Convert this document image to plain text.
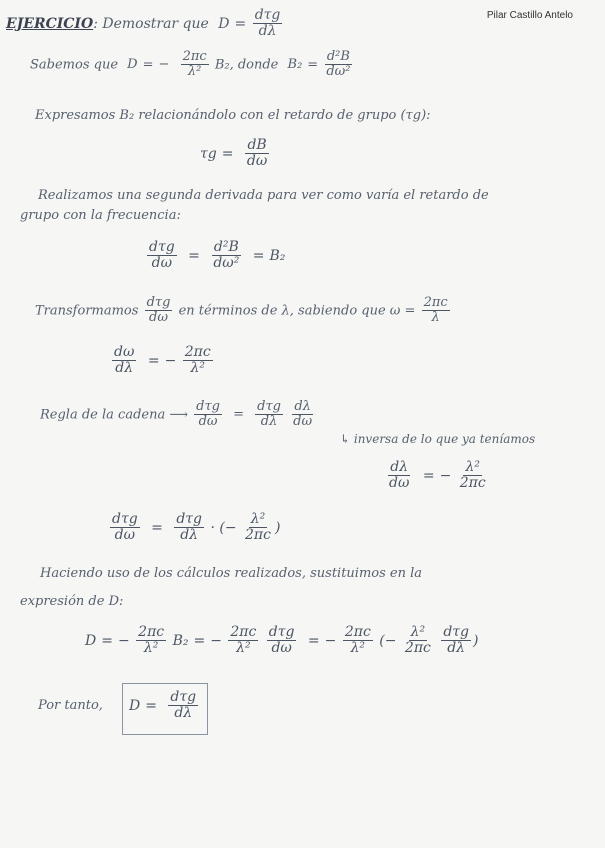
Pilar Castillo Antelo
EJERCICIO: Demostrar que $D = \frac{\text{dτg}}{d\lambda}$
Sabemos que D = − $\frac{2\pi c}{\text{λ²}} B_2$, donde $B_2 = \frac{\text{d²B}}{\text{dω²}}$
Expresamos B₂ relacionándolo con el retardo de grupo (τg):
$\tau g = \frac{dB}{d\omega}$
Realizamos una segunda derivada para ver como varía el retardo de
grupo con la frecuencia:
$\frac{\text{dτg}}{d\omega} = \frac{\text{d²B}}{\text{dω²}} = B_2$
Transformamos $\frac{\text{dτg}}{d\omega}$ en términos de λ, sabiendo que $\omega = \frac{2\pi c}{\lambda}$
$\frac{d\omega}{d\lambda}$ = − $\frac{2\pi c}{\text{λ²}}$
Regla de la cadena ⟶ $\frac{\text{dτg}}{d\omega} = \frac{\text{dτg}}{d\lambda}$
$\frac{d\lambda}{d\omega}$
↳ inversa de lo que ya teníamos
$\frac{d\lambda}{d\omega}$ = − $\frac{\text{λ²}}{2\pi c}$
$\frac{\text{dτg}}{d\omega} = \frac{\text{dτg}}{d\lambda}$ · (− $\frac{\text{λ²}}{2\pi c}$ )
Haciendo uso de los cálculos realizados, sustituimos en la
expresión de D:
D = − $\frac{2\pi c}{\text{λ²}} B_2$ = − $\frac{2\pi c}{\text{λ²}}$
$\frac{\text{dτg}}{d\omega}$ = − $\frac{2\pi c}{\text{λ²}}$ (− $\frac{\text{λ²}}{2\pi c}$
$\frac{\text{dτg}}{d\lambda}$ )
Por tanto, $D = \frac{\text{dτg}}{d\lambda}$
